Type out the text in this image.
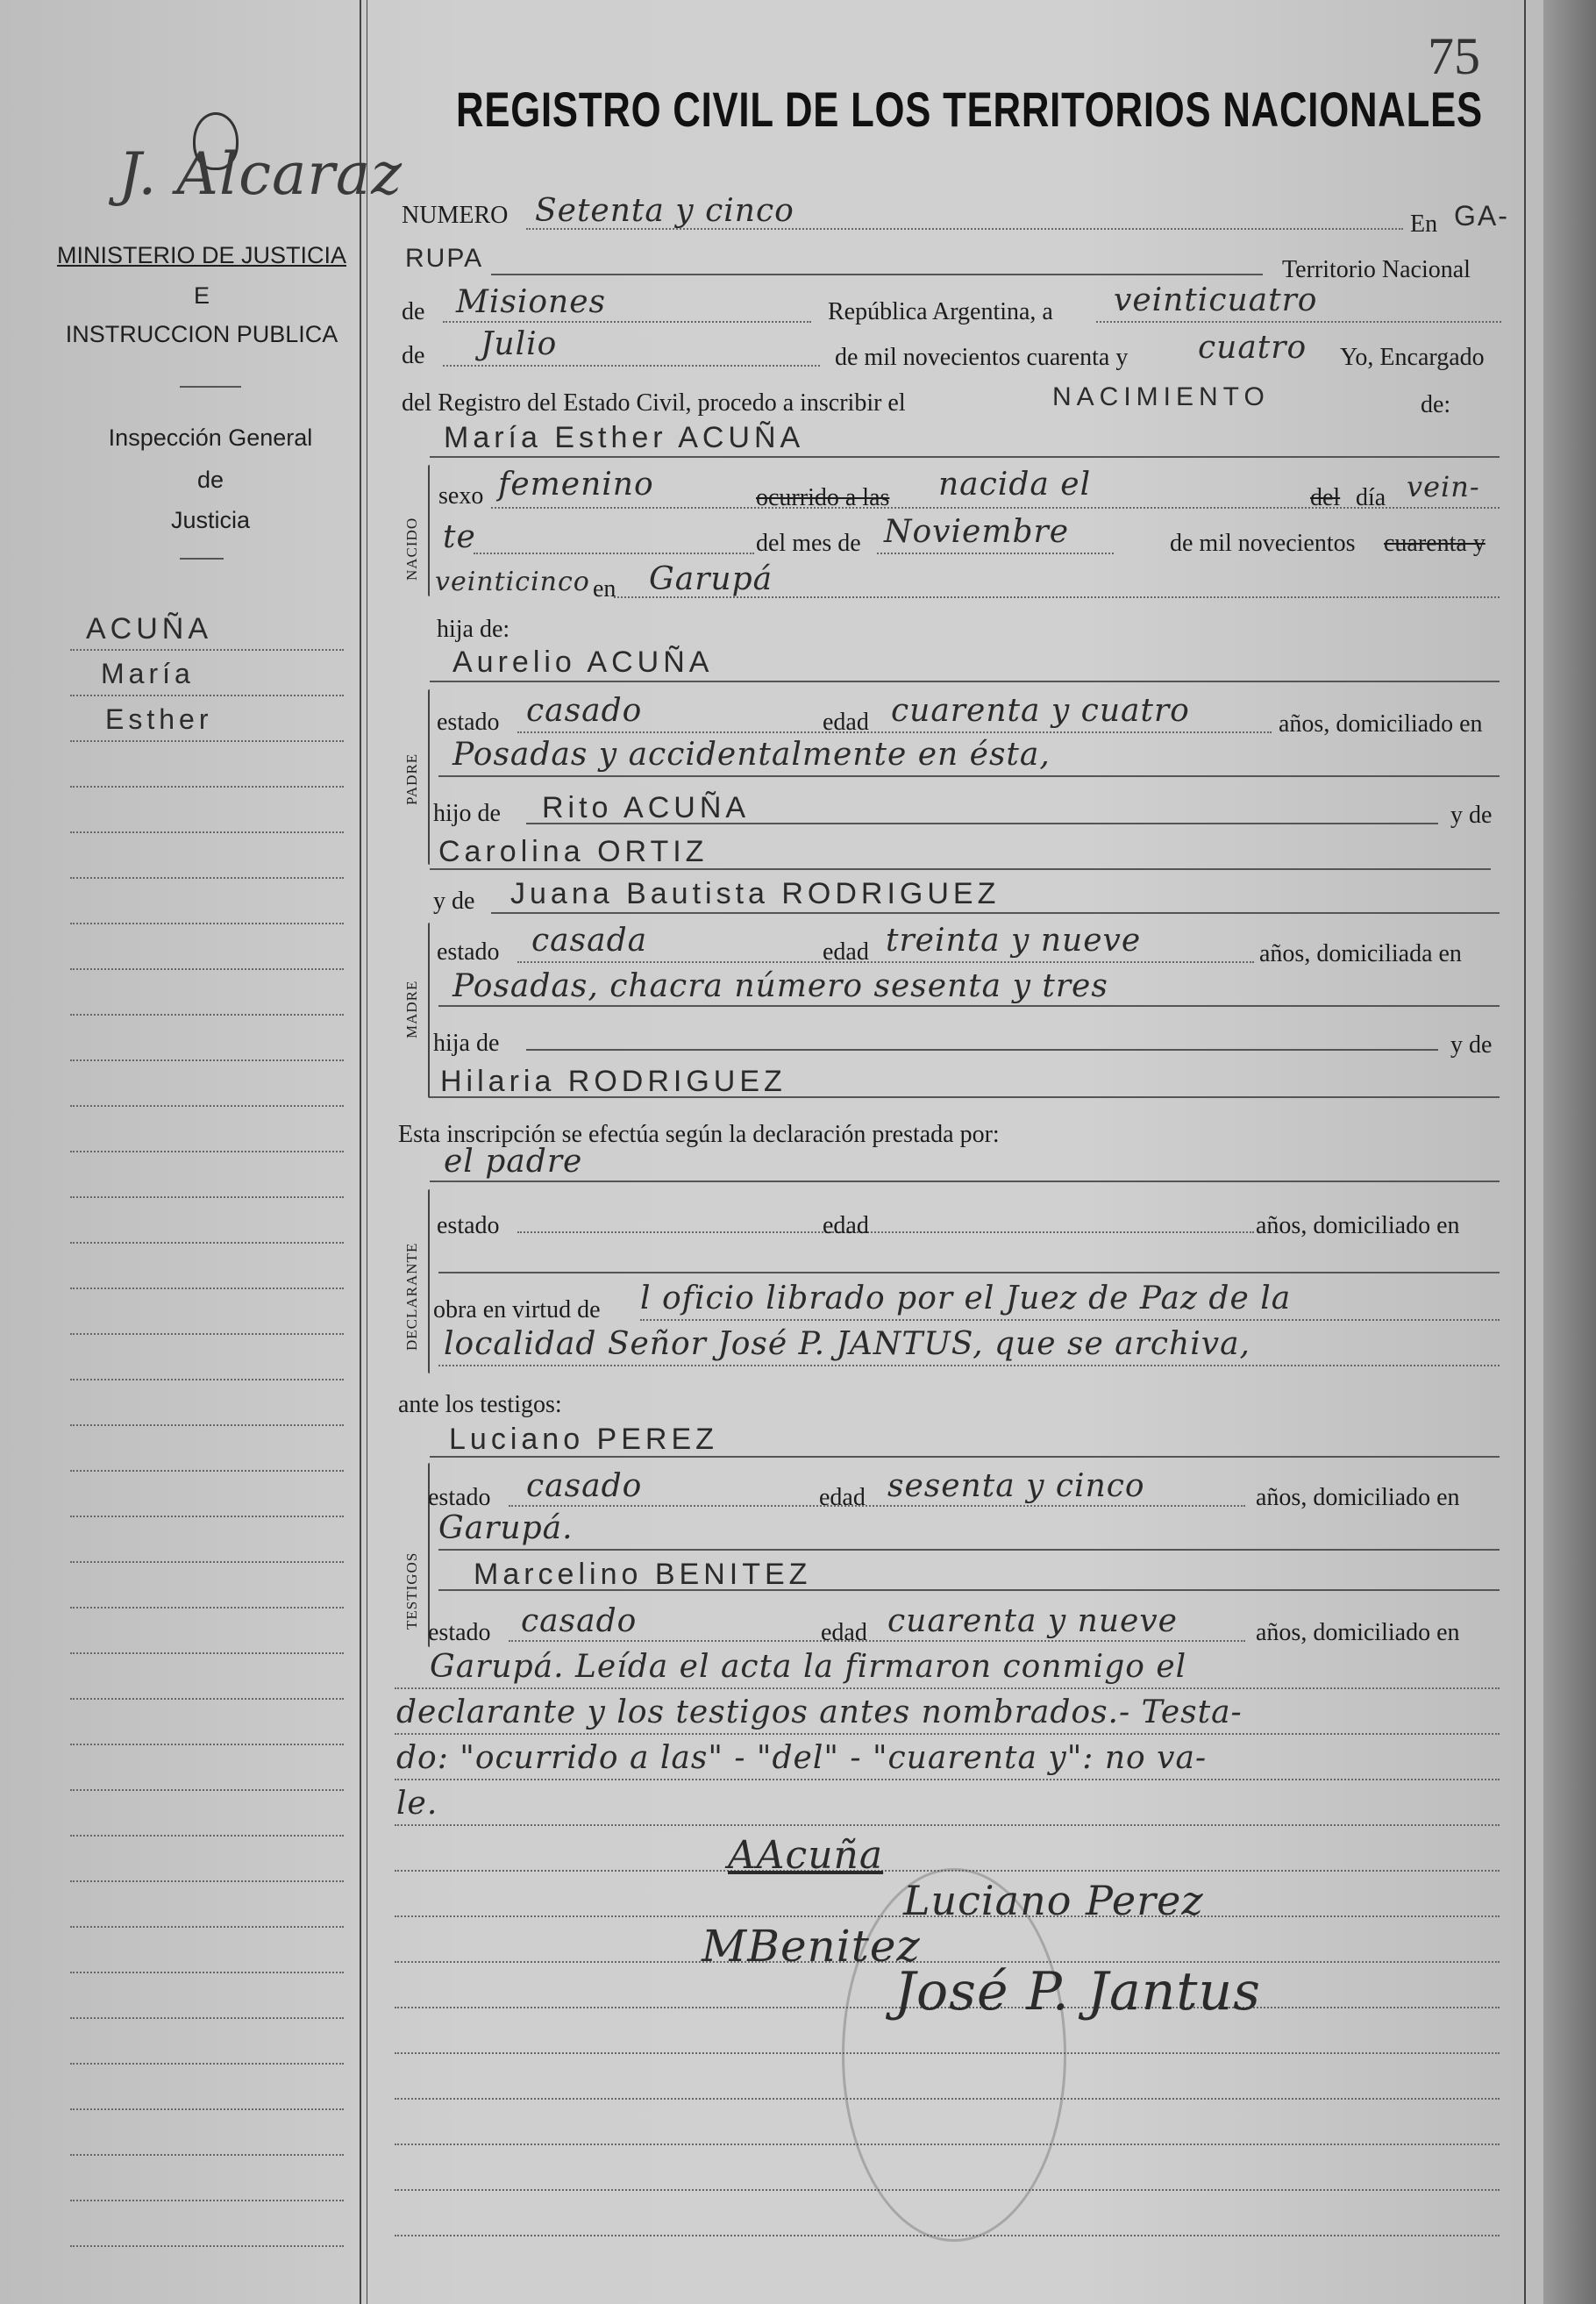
75
REGISTRO CIVIL DE LOS TERRITORIOS NACIONALES
J. Alcaraz
MINISTERIO DE JUSTICIA
E
INSTRUCCION PUBLICA
Inspección General
de
Justicia
ACUÑA
María
Esther
NUMERO Setenta y cinco	En GA-
RUPA	Territorio Nacional
de Misiones	República Argentina, a veinticuatro
de Julio	de mil novecientos cuarenta y cuatro Yo, Encargado
del Registro del Estado Civil, procedo a inscribir el	NACIMIENTO	de:
María Esther ACUÑA
NACIDO
sexo femenino	ocurrido a las nacida el	del día vein-
te	del mes de Noviembre	de mil novecientos cuarenta y
veinticinco en Garupá
hija de:
Aurelio ACUÑA
PADRE
estado casado	edad cuarenta y cuatro	años, domiciliado en
Posadas y accidentalmente en ésta,
hijo de Rito ACUÑA	y de
Carolina ORTIZ
y de Juana Bautista RODRIGUEZ
MADRE
estado casada	edad treinta y nueve	años, domiciliada en
Posadas, chacra número sesenta y tres
hija de	y de
Hilaria RODRIGUEZ
Esta inscripción se efectúa según la declaración prestada por:
el padre
DECLARANTE
estado	edad	años, domiciliado en
obra en virtud de l oficio librado por el Juez de Paz de la
localidad Señor José P. JANTUS, que se archiva,
ante los testigos:
Luciano PEREZ
TESTIGOS
estado casado	edad sesenta y cinco	años, domiciliado en
Garupá.
Marcelino BENITEZ
estado casado	edad cuarenta y nueve	años, domiciliado en
Garupá. Leída el acta la firmaron conmigo el
declarante y los testigos antes nombrados.- Testa-
do: "ocurrido a las" - "del" - "cuarenta y": no va-
le.
AAcuña
Luciano Perez
MBenitez
José P. Jantus
